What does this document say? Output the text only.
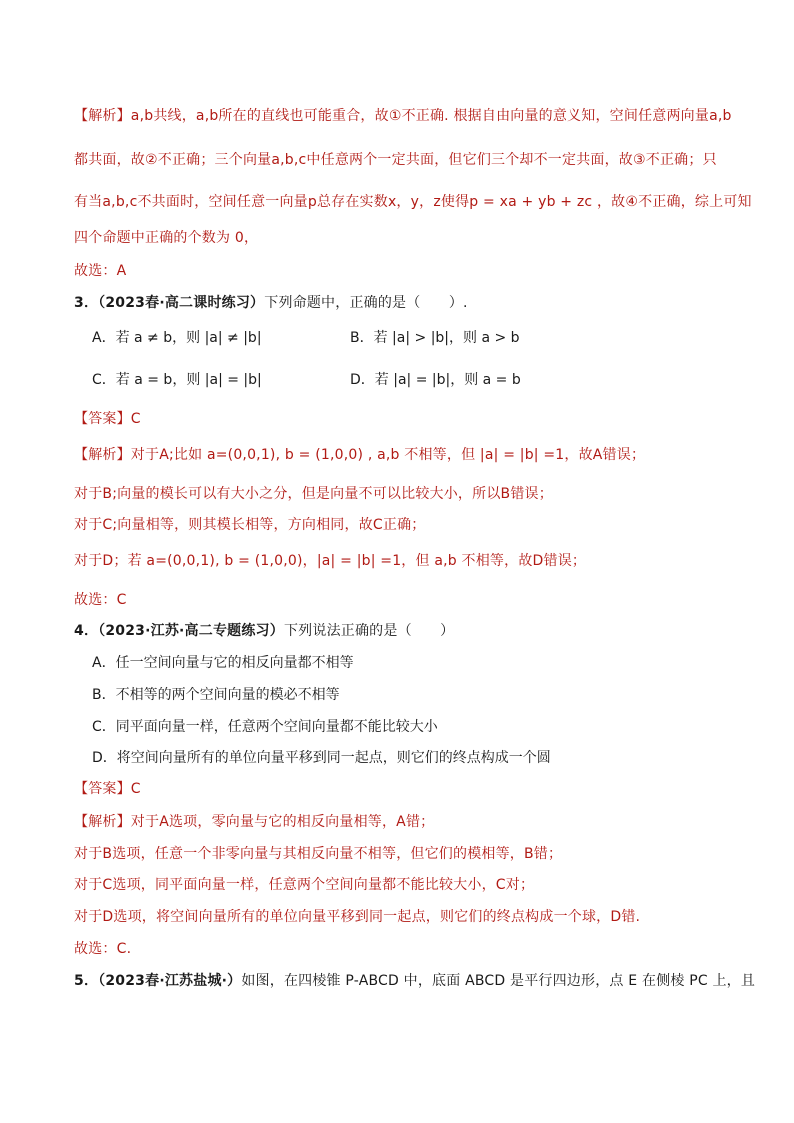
【解析】a,b共线，a,b所在的直线也可能重合，故①不正确. 根据自由向量的意义知，空间任意两向量a,b
都共面，故②不正确；三个向量a,b,c中任意两个一定共面，但它们三个却不一定共面，故③不正确；只
有当a,b,c不共面时，空间任意一向量p总存在实数x，y，z使得p = xa + yb + zc ，故④不正确，综上可知
四个命题中正确的个数为 0，
故选：A
3．（2023春·高二课时练习）下列命题中，正确的是（　　）.
A．若 a ≠ b，则 |a| ≠ |b|	B．若 |a| > |b|，则 a > b
C．若 a = b，则 |a| = |b|	D．若 |a| = |b|，则 a = b
【答案】C
【解析】对于A;比如 a=(0,0,1), b = (1,0,0) , a,b 不相等，但 |a| = |b| =1，故A错误；
对于B;向量的模长可以有大小之分，但是向量不可以比较大小，所以B错误；
对于C;向量相等，则其模长相等，方向相同，故C正确；
对于D；若 a=(0,0,1), b = (1,0,0)，|a| = |b| =1，但 a,b 不相等，故D错误；
故选：C
4．（2023·江苏·高二专题练习）下列说法正确的是（　　）
A．任一空间向量与它的相反向量都不相等
B．不相等的两个空间向量的模必不相等
C．同平面向量一样，任意两个空间向量都不能比较大小
D．将空间向量所有的单位向量平移到同一起点，则它们的终点构成一个圆
【答案】C
【解析】对于A选项，零向量与它的相反向量相等，A错；
对于B选项，任意一个非零向量与其相反向量不相等，但它们的模相等，B错；
对于C选项，同平面向量一样，任意两个空间向量都不能比较大小，C对；
对于D选项，将空间向量所有的单位向量平移到同一起点，则它们的终点构成一个球，D错.
故选：C.
5．（2023春·江苏盐城·）如图，在四棱锥 P-ABCD 中，底面 ABCD 是平行四边形，点 E 在侧棱 PC 上，且
